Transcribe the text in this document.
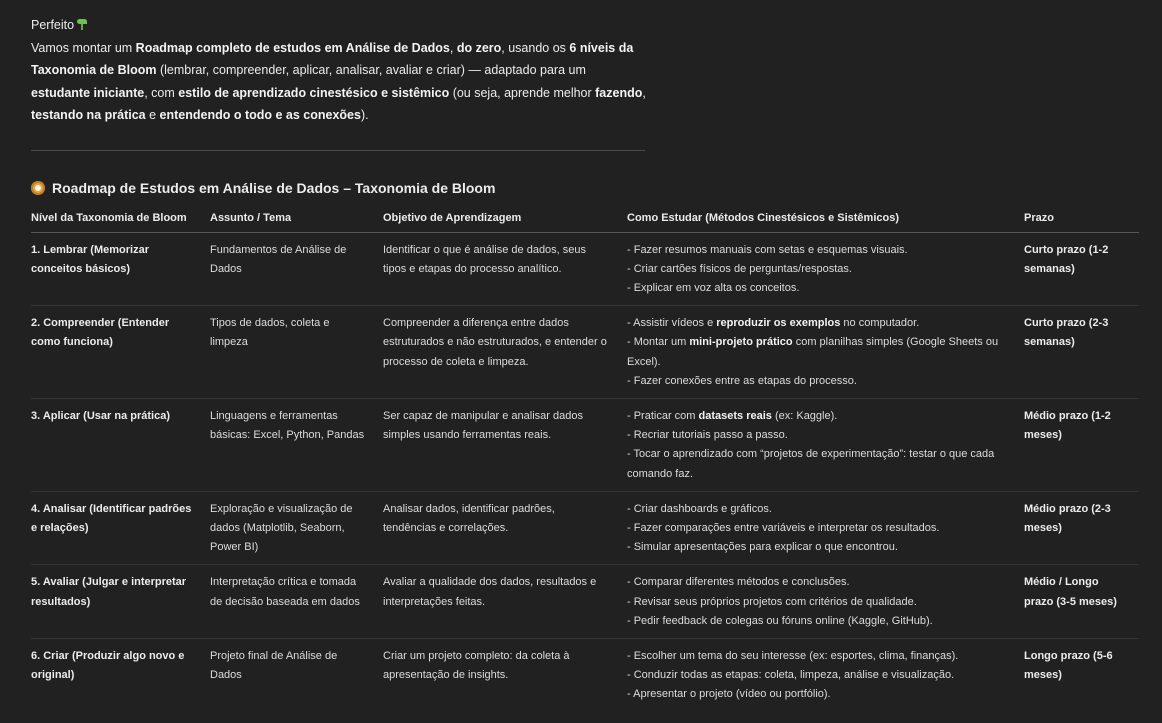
Perfeito
Vamos montar um Roadmap completo de estudos em Análise de Dados, do zero, usando os 6 níveis da Taxonomia de Bloom (lembrar, compreender, aplicar, analisar, avaliar e criar) — adaptado para um estudante iniciante, com estilo de aprendizado cinestésico e sistêmico (ou seja, aprende melhor fazendo, testando na prática e entendendo o todo e as conexões).
Roadmap de Estudos em Análise de Dados – Taxonomia de Bloom
Nível da Taxonomia de Bloom	Assunto / Tema	Objetivo de Aprendizagem	Como Estudar (Métodos Cinestésicos e Sistêmicos)	Prazo
1. Lembrar (Memorizar conceitos básicos)	Fundamentos de Análise de Dados	Identificar o que é análise de dados, seus tipos e etapas do processo analítico.	- Fazer resumos manuais com setas e esquemas visuais.
- Criar cartões físicos de perguntas/respostas.
- Explicar em voz alta os conceitos.	Curto prazo (1-2 semanas)
2. Compreender (Entender como funciona)	Tipos de dados, coleta e limpeza	Compreender a diferença entre dados estruturados e não estruturados, e entender o processo de coleta e limpeza.	- Assistir vídeos e reproduzir os exemplos no computador.
- Montar um mini-projeto prático com planilhas simples (Google Sheets ou Excel).
- Fazer conexões entre as etapas do processo.	Curto prazo (2-3 semanas)
3. Aplicar (Usar na prática)	Linguagens e ferramentas básicas: Excel, Python, Pandas	Ser capaz de manipular e analisar dados simples usando ferramentas reais.	- Praticar com datasets reais (ex: Kaggle).
- Recriar tutoriais passo a passo.
- Tocar o aprendizado com “projetos de experimentação”: testar o que cada comando faz.	Médio prazo (1-2 meses)
4. Analisar (Identificar padrões e relações)	Exploração e visualização de dados (Matplotlib, Seaborn, Power BI)	Analisar dados, identificar padrões, tendências e correlações.	- Criar dashboards e gráficos.
- Fazer comparações entre variáveis e interpretar os resultados.
- Simular apresentações para explicar o que encontrou.	Médio prazo (2-3 meses)
5. Avaliar (Julgar e interpretar resultados)	Interpretação crítica e tomada de decisão baseada em dados	Avaliar a qualidade dos dados, resultados e interpretações feitas.	- Comparar diferentes métodos e conclusões.
- Revisar seus próprios projetos com critérios de qualidade.
- Pedir feedback de colegas ou fóruns online (Kaggle, GitHub).	Médio / Longo prazo (3-5 meses)
6. Criar (Produzir algo novo e original)	Projeto final de Análise de Dados	Criar um projeto completo: da coleta à apresentação de insights.	- Escolher um tema do seu interesse (ex: esportes, clima, finanças).
- Conduzir todas as etapas: coleta, limpeza, análise e visualização.
- Apresentar o projeto (vídeo ou portfólio).	Longo prazo (5-6 meses)
